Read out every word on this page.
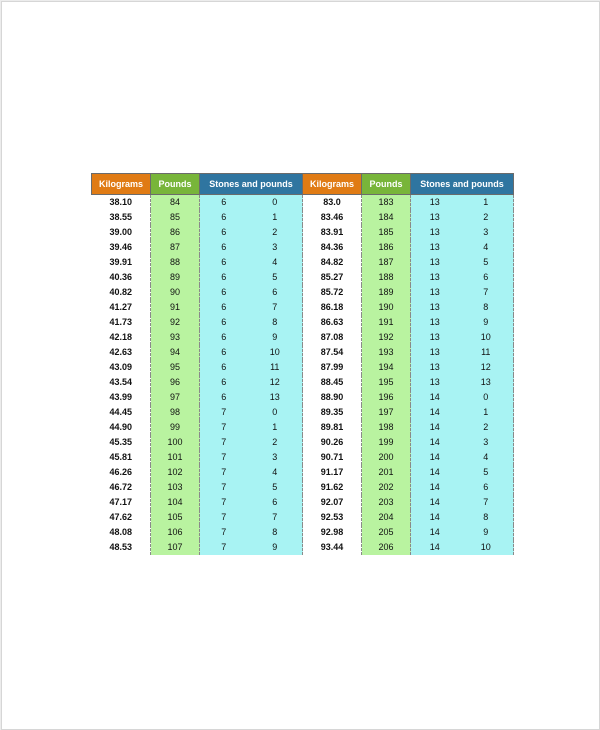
Kilograms	Pounds	Stones and pounds		Kilograms	Pounds	Stones and pounds	
38.10	84	6	0	83.0	183	13	1
38.55	85	6	1	83.46	184	13	2
39.00	86	6	2	83.91	185	13	3
39.46	87	6	3	84.36	186	13	4
39.91	88	6	4	84.82	187	13	5
40.36	89	6	5	85.27	188	13	6
40.82	90	6	6	85.72	189	13	7
41.27	91	6	7	86.18	190	13	8
41.73	92	6	8	86.63	191	13	9
42.18	93	6	9	87.08	192	13	10
42.63	94	6	10	87.54	193	13	11
43.09	95	6	11	87.99	194	13	12
43.54	96	6	12	88.45	195	13	13
43.99	97	6	13	88.90	196	14	0
44.45	98	7	0	89.35	197	14	1
44.90	99	7	1	89.81	198	14	2
45.35	100	7	2	90.26	199	14	3
45.81	101	7	3	90.71	200	14	4
46.26	102	7	4	91.17	201	14	5
46.72	103	7	5	91.62	202	14	6
47.17	104	7	6	92.07	203	14	7
47.62	105	7	7	92.53	204	14	8
48.08	106	7	8	92.98	205	14	9
48.53	107	7	9	93.44	206	14	10
